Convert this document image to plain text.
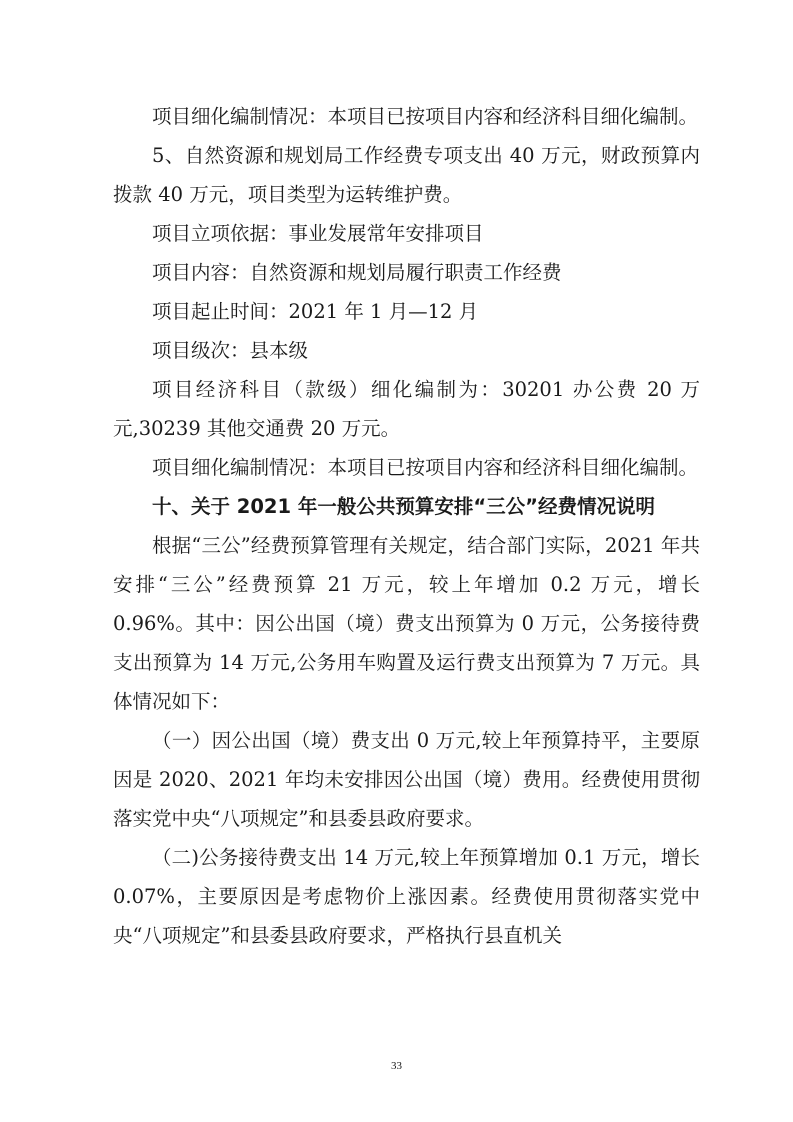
项目细化编制情况：本项目已按项目内容和经济科目细化编制。

5、自然资源和规划局工作经费专项支出 40 万元，财政预算内拨款 40 万元，项目类型为运转维护费。

项目立项依据：事业发展常年安排项目

项目内容：自然资源和规划局履行职责工作经费

项目起止时间：2021 年 1 月—12 月

项目级次：县本级

项目经济科目（款级）细化编制为：30201 办公费 20 万元,30239 其他交通费 20 万元。

项目细化编制情况：本项目已按项目内容和经济科目细化编制。

十、关于 2021 年一般公共预算安排“三公”经费情况说明

根据“三公”经费预算管理有关规定，结合部门实际，2021 年共安排“三公”经费预算 21 万元，较上年增加 0.2 万元，增长 0.96%。其中：因公出国（境）费支出预算为 0 万元，公务接待费支出预算为 14 万元,公务用车购置及运行费支出预算为 7 万元。具体情况如下：

（一）因公出国（境）费支出 0 万元,较上年预算持平，主要原因是 2020、2021 年均未安排因公出国（境）费用。经费使用贯彻落实党中央“八项规定”和县委县政府要求。

（二)公务接待费支出 14 万元,较上年预算增加 0.1 万元，增长 0.07%，主要原因是考虑物价上涨因素。经费使用贯彻落实党中央“八项规定”和县委县政府要求，严格执行县直机关

33
